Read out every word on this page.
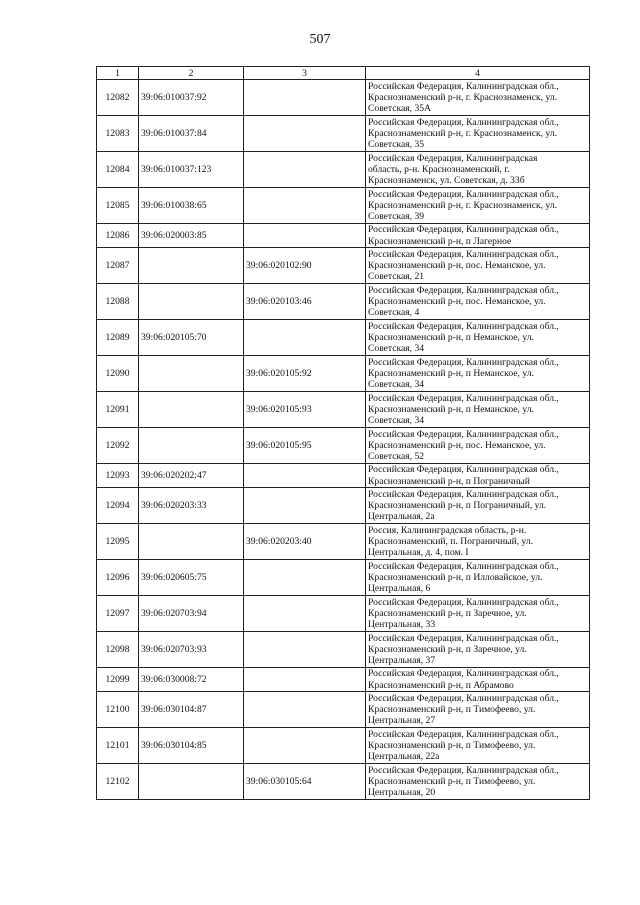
507
1	2	3	4
12082	39:06:010037:92		Российская Федерация, Калининградская обл.,
Краснознаменский р-н, г. Краснознаменск, ул.
Советская, 35А

12083	39:06:010037:84		Российская Федерация, Калининградская обл.,
Краснознаменский р-н, г. Краснознаменск, ул.
Советская, 35

12084	39:06:010037:123		Российская Федерация, Калининградская
область, р-н. Краснознаменский, г.
Краснознаменск, ул. Советская, д. 33б

12085	39:06:010038:65		Российская Федерация, Калининградская обл.,
Краснознаменский р-н, г. Краснознаменск, ул.
Советская, 39

12086	39:06:020003:85		Российская Федерация, Калининградская обл.,
Краснознаменский р-н, п Лагерное

12087		39:06:020102:90	Российская Федерация, Калининградская обл.,
Краснознаменский р-н, пос. Неманское, ул.
Советская, 21

12088		39:06:020103:46	Российская Федерация, Калининградская обл.,
Краснознаменский р-н, пос. Неманское, ул.
Советская, 4

12089	39:06:020105:70		Российская Федерация, Калининградская обл.,
Краснознаменский р-н, п Неманское, ул.
Советская, 34

12090		39:06:020105:92	Российская Федерация, Калининградская обл.,
Краснознаменский р-н, п Неманское, ул.
Советская, 34

12091		39:06:020105:93	Российская Федерация, Калининградская обл.,
Краснознаменский р-н, п Неманское, ул.
Советская, 34

12092		39:06:020105:95	Российская Федерация, Калининградская обл.,
Краснознаменский р-н, пос. Неманское, ул.
Советская, 52

12093	39:06:020202:47		Российская Федерация, Калининградская обл.,
Краснознаменский р-н, п Пограничный

12094	39:06:020203:33		Российская Федерация, Калининградская обл.,
Краснознаменский р-н, п Пограничный, ул.
Центральная, 2а

12095		39:06:020203:40	Россия, Калининградская область, р-н.
Краснознаменский, п. Пограничный, ул.
Центральная, д. 4, пом. I

12096	39:06:020605:75		Российская Федерация, Калининградская обл.,
Краснознаменский р-н, п Илловайское, ул.
Центральная, 6

12097	39:06:020703:94		Российская Федерация, Калининградская обл.,
Краснознаменский р-н, п Заречное, ул.
Центральная, 33

12098	39:06:020703:93		Российская Федерация, Калининградская обл.,
Краснознаменский р-н, п Заречное, ул.
Центральная, 37

12099	39:06:030008:72		Российская Федерация, Калининградская обл.,
Краснознаменский р-н, п Абрамово

12100	39:06:030104:87		Российская Федерация, Калининградская обл.,
Краснознаменский р-н, п Тимофеево, ул.
Центральная, 27

12101	39:06:030104:85		Российская Федерация, Калининградская обл.,
Краснознаменский р-н, п Тимофеево, ул.
Центральная, 22а

12102		39:06:030105:64	Российская Федерация, Калининградская обл.,
Краснознаменский р-н, п Тимофеево, ул.
Центральная, 20
